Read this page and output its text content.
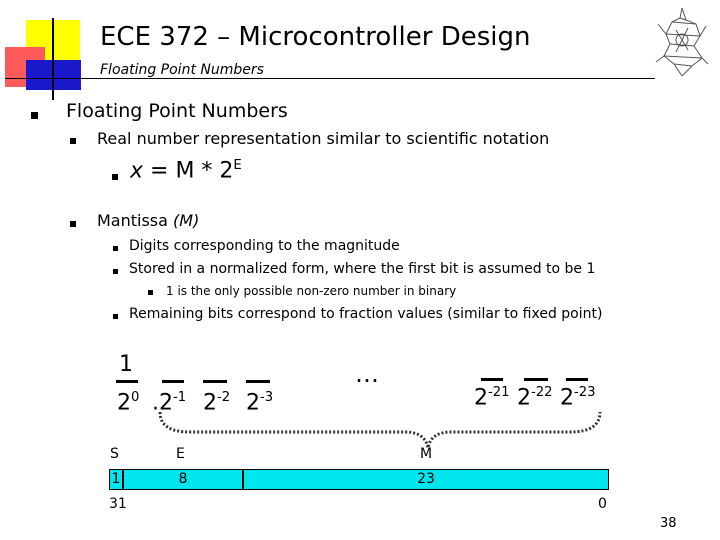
ECE 372 – Microcontroller Design
Floating Point Numbers
Floating Point Numbers
Real number representation similar to scientific notation
$x = M * 2^E$
Mantissa (M)
Digits corresponding to the magnitude
Stored in a normalized form, where the first bit is assumed to be 1
1 is the only possible non-zero number in binary
Remaining bits correspond to fraction values (similar to fixed point)
1
$2^0$ $.2^{-1}$ $2^{-2}$ $2^{-3}$
…
$2^{-21}$ $2^{-22}$ $2^{-23}$
S	E	M
1	8	23
31	0
38
